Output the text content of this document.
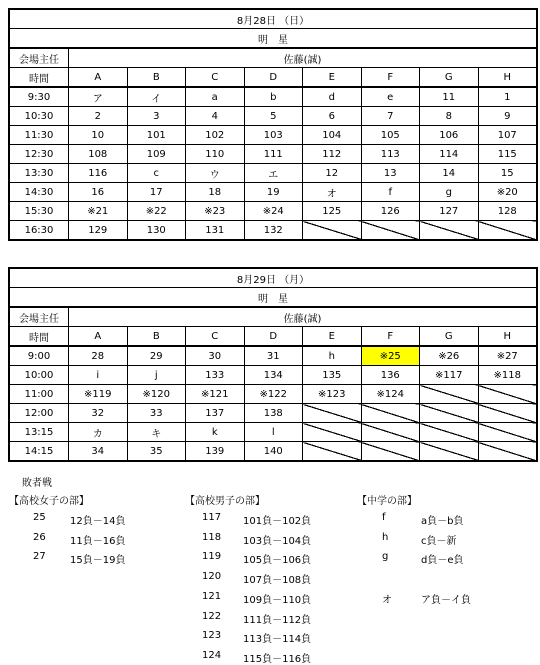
8月28日 （日）								
明　星								
会場主任	佐藤(誠)							
時間	A	B	C	D	E	F	G	H
9:30	ア	イ	a	b	d	e	11	1
10:30	2	3	4	5	6	7	8	9
11:30	10	101	102	103	104	105	106	107
12:30	108	109	110	111	112	113	114	115
13:30	116	c	ウ	エ	12	13	14	15
14:30	16	17	18	19	オ	f	g	※20
15:30	※21	※22	※23	※24	125	126	127	128
16:30	129	130	131	132				
8月29日 （月）								
明　星								
会場主任	佐藤(誠)							
時間	A	B	C	D	E	F	G	H
9:00	28	29	30	31	h	※25	※26	※27
10:00	i	j	133	134	135	136	※117	※118
11:00	※119	※120	※121	※122	※123	※124		
12:00	32	33	137	138				
13:15	カ	キ	k	l				
14:15	34	35	139	140				
敗者戦
【高校女子の部】	【高校男子の部】	【中学の部】
25 12負－14負
26 11負－16負
27 15負－19負
117 101負－102負
118 103負－104負
119 105負－106負
120 107負－108負
121 109負－110負
122 111負－112負
123 113負－114負
124 115負－116負
f	a負－b負
h	c負－新
g	d負－e負
オ	ア負－イ負
